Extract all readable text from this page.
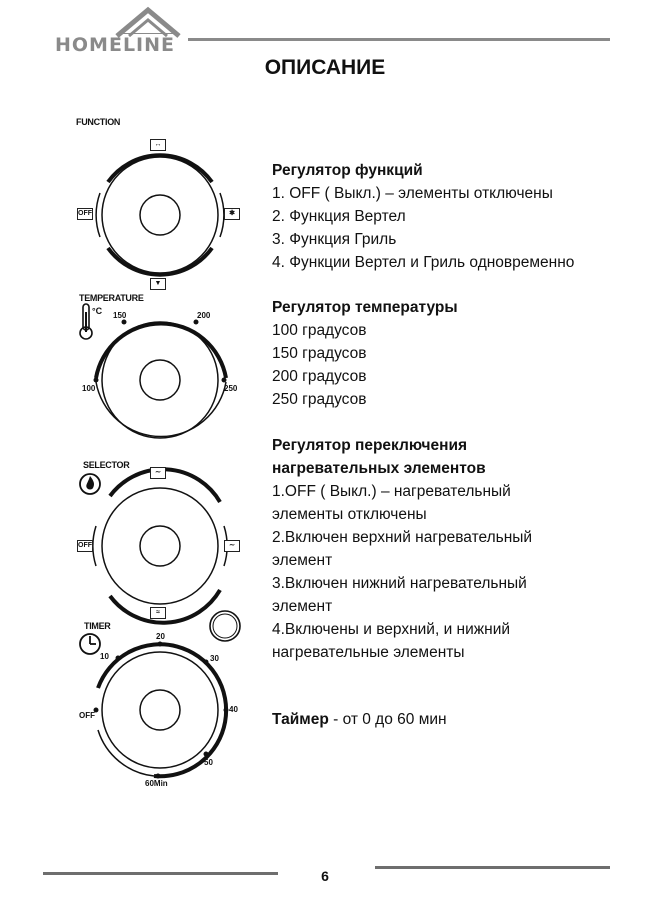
HOMELINE
ОПИСАНИЕ
FUNCTION
↔
OFF	✱
▼
TEMPERATURE
°C 150	200
100	250
SELECTOR
∼
OFF	∼
≈
TIMER
20
10	30
OFF
40
50
60Min
Регулятор функций
1. OFF ( Выкл.) – элементы отключены
2. Функция Вертел
3. Функция Гриль
4. Функции Вертел и Гриль одновременно
Регулятор температуры
100 градусов
150 градусов
200 градусов
250 градусов
Регулятор переключения
нагревательных элементов
1.OFF ( Выкл.) – нагревательный
элементы отключены
2.Включен верхний нагревательный
элемент
3.Включен нижний нагревательный
элемент
4.Включены и верхний, и нижний
нагревательные элементы
Таймер - от 0 до 60 мин
6
